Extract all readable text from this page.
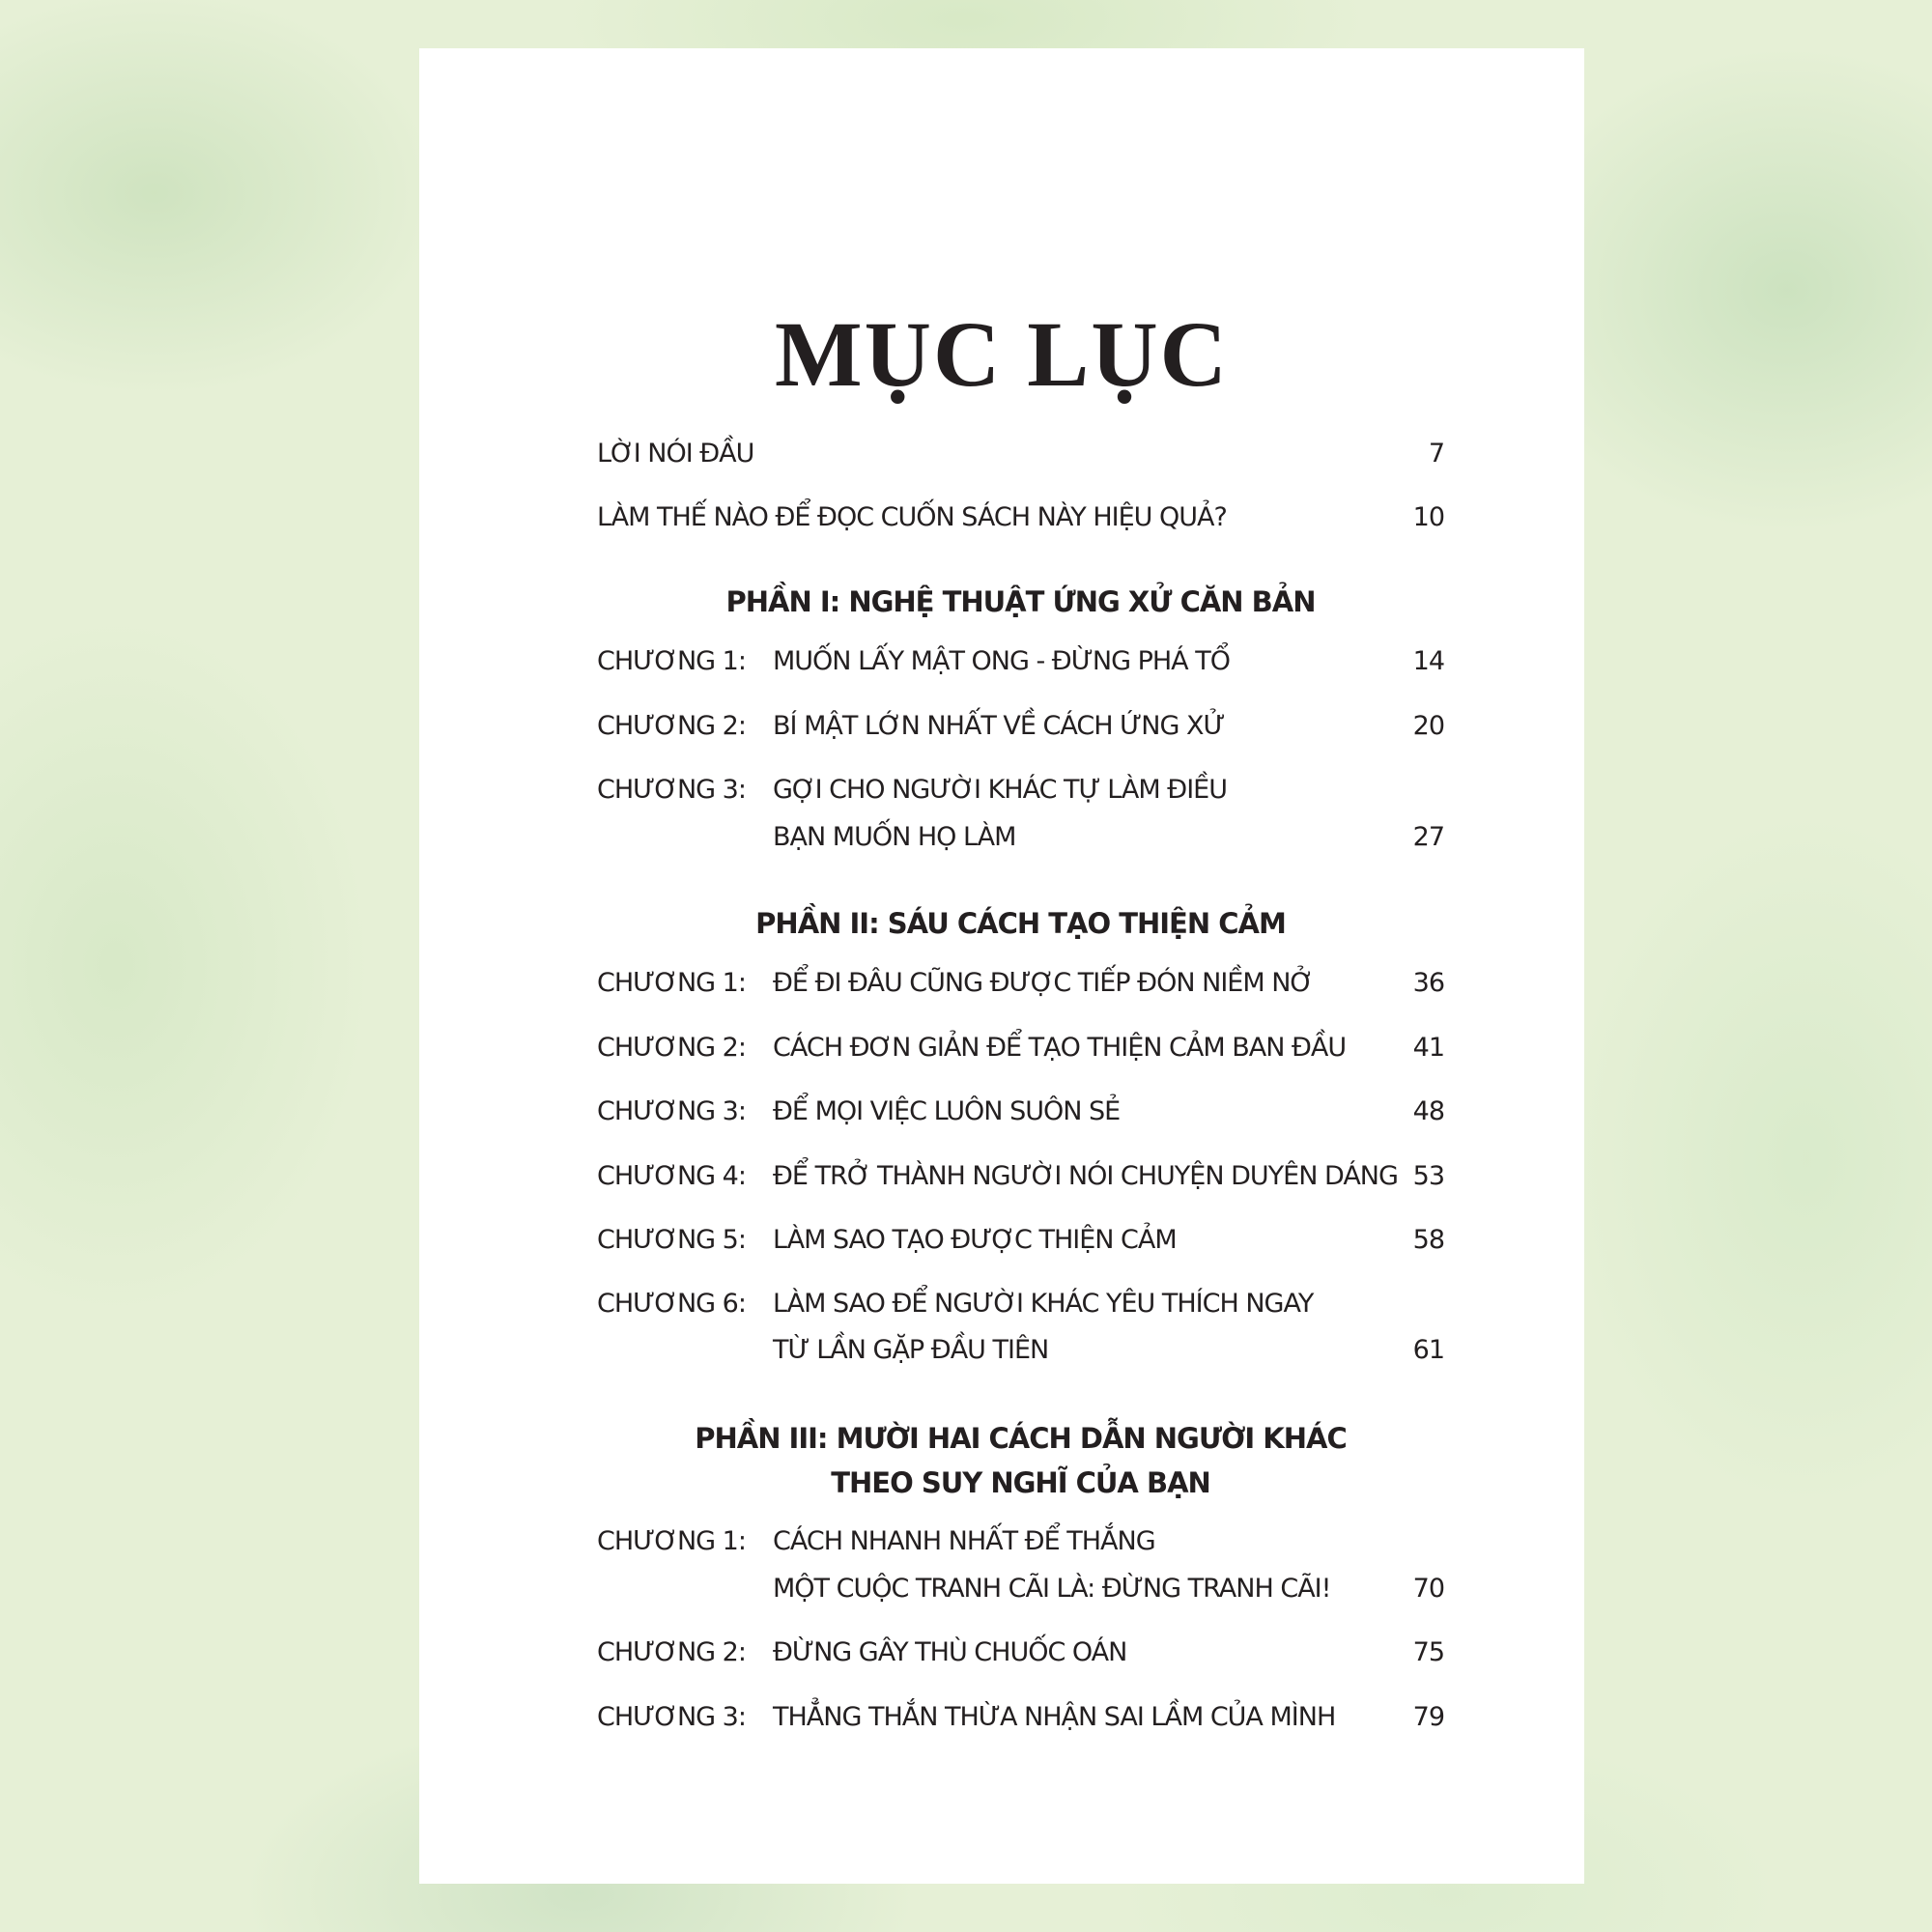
MỤC LỤC
LỜI NÓI ĐẦU	7
LÀM THẾ NÀO ĐỂ ĐỌC CUỐN SÁCH NÀY HIỆU QUẢ?	10
PHẦN I: NGHỆ THUẬT ỨNG XỬ CĂN BẢN
CHƯƠNG 1: MUỐN LẤY MẬT ONG - ĐỪNG PHÁ TỔ	14
CHƯƠNG 2: BÍ MẬT LỚN NHẤT VỀ CÁCH ỨNG XỬ	20
CHƯƠNG 3: GỢI CHO NGƯỜI KHÁC TỰ LÀM ĐIỀU
BẠN MUỐN HỌ LÀM	27
PHẦN II: SÁU CÁCH TẠO THIỆN CẢM
CHƯƠNG 1: ĐỂ ĐI ĐÂU CŨNG ĐƯỢC TIẾP ĐÓN NIỀM NỞ	36
CHƯƠNG 2: CÁCH ĐƠN GIẢN ĐỂ TẠO THIỆN CẢM BAN ĐẦU	41
CHƯƠNG 3: ĐỂ MỌI VIỆC LUÔN SUÔN SẺ	48
CHƯƠNG 4: ĐỂ TRỞ THÀNH NGƯỜI NÓI CHUYỆN DUYÊN DÁNG 53
CHƯƠNG 5: LÀM SAO TẠO ĐƯỢC THIỆN CẢM	58
CHƯƠNG 6: LÀM SAO ĐỂ NGƯỜI KHÁC YÊU THÍCH NGAY
TỪ LẦN GẶP ĐẦU TIÊN	61
PHẦN III: MƯỜI HAI CÁCH DẪN NGƯỜI KHÁC
THEO SUY NGHĨ CỦA BẠN
CHƯƠNG 1: CÁCH NHANH NHẤT ĐỂ THẮNG
MỘT CUỘC TRANH CÃI LÀ: ĐỪNG TRANH CÃI!	70
CHƯƠNG 2: ĐỪNG GÂY THÙ CHUỐC OÁN	75
CHƯƠNG 3: THẲNG THẮN THỪA NHẬN SAI LẦM CỦA MÌNH	79
